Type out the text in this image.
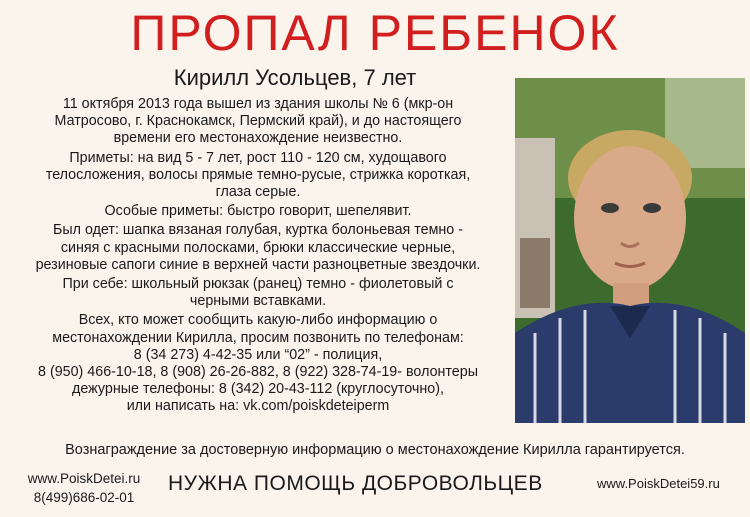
ПРОПАЛ РЕБЕНОК
Кирилл Усольцев, 7 лет
11 октября 2013 года вышел из здания школы № 6 (мкр-он
Матросово, г. Краснокамск, Пермский край), и до настоящего
времени его местонахождение неизвестно.
Приметы: на вид 5 - 7 лет, рост 110 - 120 см, худощавого
телосложения, волосы прямые темно-русые, стрижка короткая,
глаза серые.
Особые приметы: быстро говорит, шепелявит.
Был одет: шапка вязаная голубая, куртка болоньевая темно -
синяя с красными полосками, брюки классические черные,
резиновые сапоги синие в верхней части разноцветные звездочки.
При себе: школьный рюкзак (ранец) темно - фиолетовый с
черными вставками.
Всех, кто может сообщить какую-либо информацию о
местонахождении Кирилла, просим позвонить по телефонам:
8 (34 273) 4-42-35 или “02” - полиция,
8 (950) 466-10-18, 8 (908) 26-26-882, 8 (922) 328-74-19- волонтеры
дежурные телефоны: 8 (342) 20-43-112 (круглосуточно),
или написать на: vk.com/poiskdeteiperm
Вознаграждение за достоверную информацию о местонахождение Кирилла гарантируется.
www.PoiskDetei.ru
8(499)686-02-01
НУЖНА ПОМОЩЬ ДОБРОВОЛЬЦЕВ	www.PoiskDetei59.ru
